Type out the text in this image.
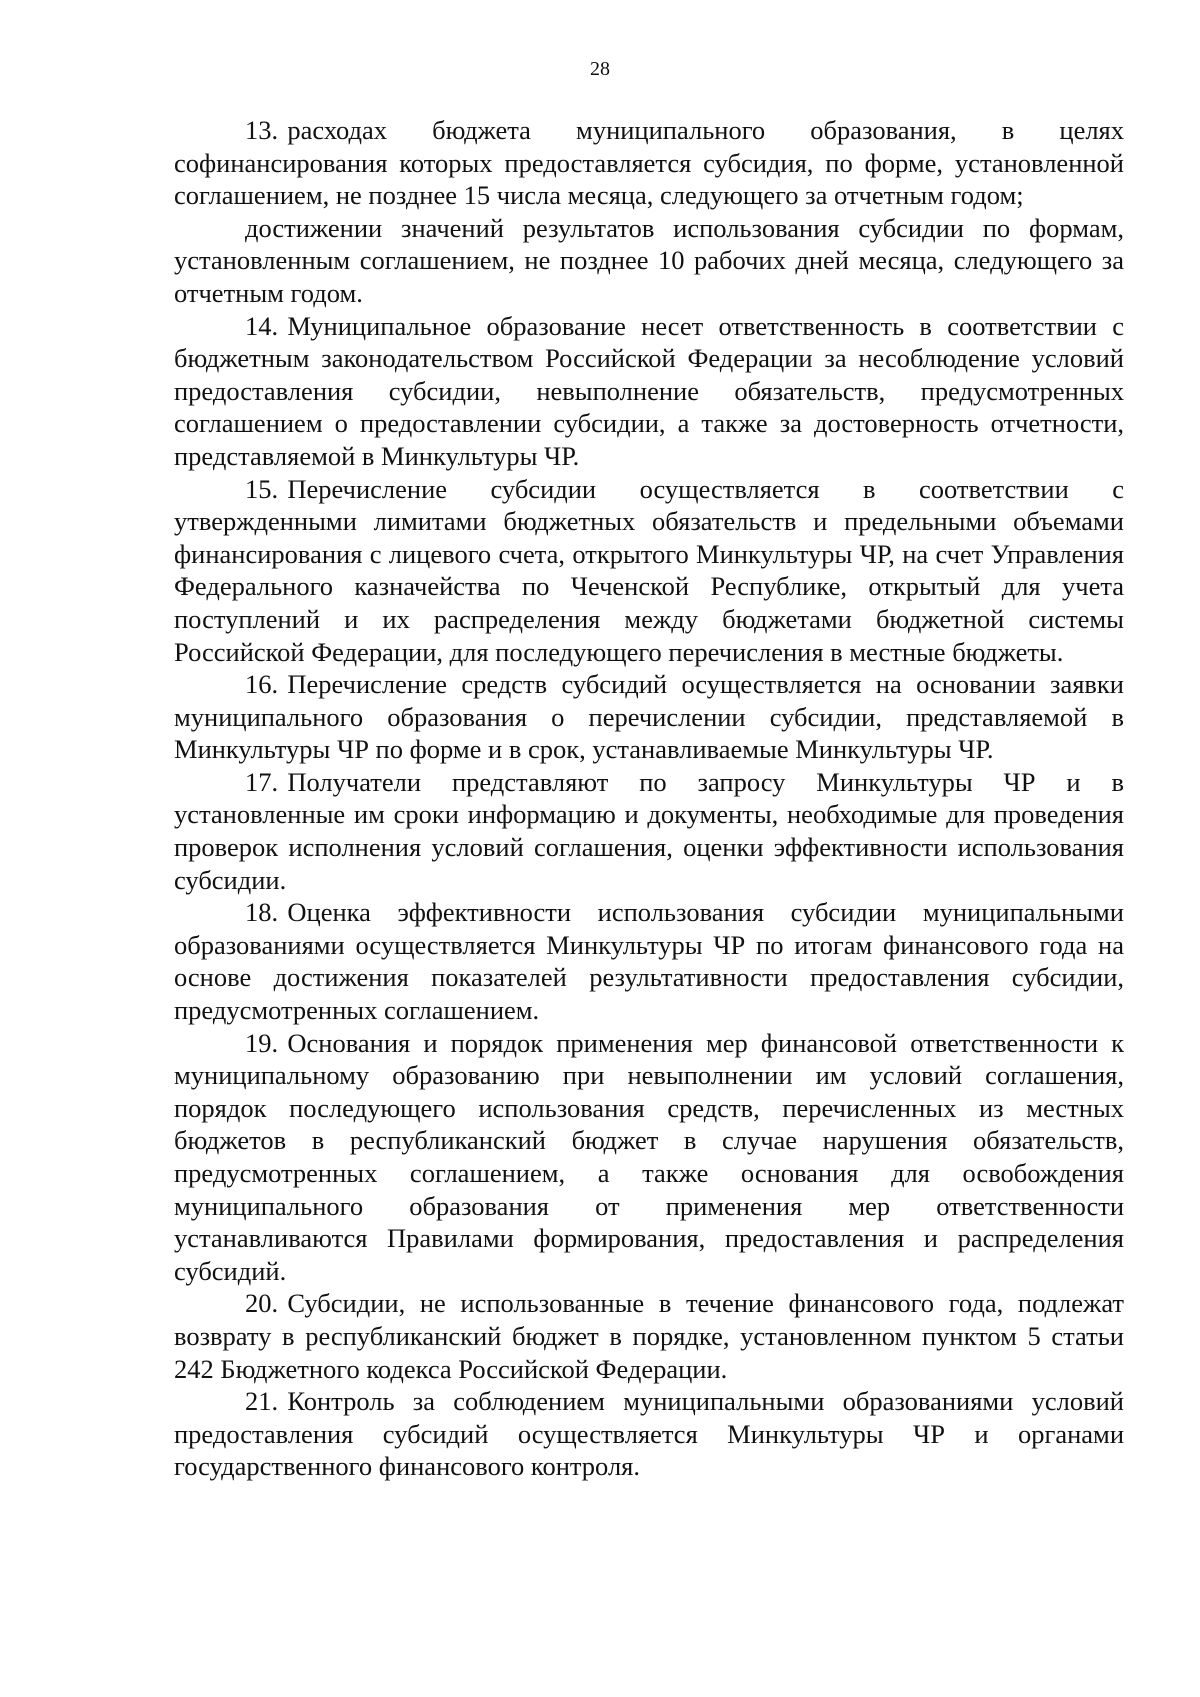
28

13. расходах бюджета муниципального образования, в целях софинансирования которых предоставляется субсидия, по форме, установленной соглашением, не позднее 15 числа месяца, следующего за отчетным годом;

достижении значений результатов использования субсидии по формам, установленным соглашением, не позднее 10 рабочих дней месяца, следующего за отчетным годом.

14. Муниципальное образование несет ответственность в соответствии с бюджетным законодательством Российской Федерации за несоблюдение условий предоставления субсидии, невыполнение обязательств, предусмотренных соглашением о предоставлении субсидии, а также за достоверность отчетности, представляемой в Минкультуры ЧР.

15. Перечисление субсидии осуществляется в соответствии с утвержденными лимитами бюджетных обязательств и предельными объемами финансирования с лицевого счета, открытого Минкультуры ЧР, на счет Управления Федерального казначейства по Чеченской Республике, открытый для учета поступлений и их распределения между бюджетами бюджетной системы Российской Федерации, для последующего перечисления в местные бюджеты.

16. Перечисление средств субсидий осуществляется на основании заявки муниципального образования о перечислении субсидии, представляемой в Минкультуры ЧР по форме и в срок, устанавливаемые Минкультуры ЧР.

17. Получатели представляют по запросу Минкультуры ЧР и в установленные им сроки информацию и документы, необходимые для проведения проверок исполнения условий соглашения, оценки эффективности использования субсидии.

18. Оценка эффективности использования субсидии муниципальными образованиями осуществляется Минкультуры ЧР по итогам финансового года на основе достижения показателей результативности предоставления субсидии, предусмотренных соглашением.

19. Основания и порядок применения мер финансовой ответственности к муниципальному образованию при невыполнении им условий соглашения, порядок последующего использования средств, перечисленных из местных бюджетов в республиканский бюджет в случае нарушения обязательств, предусмотренных соглашением, а также основания для освобождения муниципального образования от применения мер ответственности устанавливаются Правилами формирования, предоставления и распределения субсидий.

20. Субсидии, не использованные в течение финансового года, подлежат возврату в республиканский бюджет в порядке, установленном пунктом 5 статьи 242 Бюджетного кодекса Российской Федерации.

21. Контроль за соблюдением муниципальными образованиями условий предоставления субсидий осуществляется Минкультуры ЧР и органами государственного финансового контроля.
